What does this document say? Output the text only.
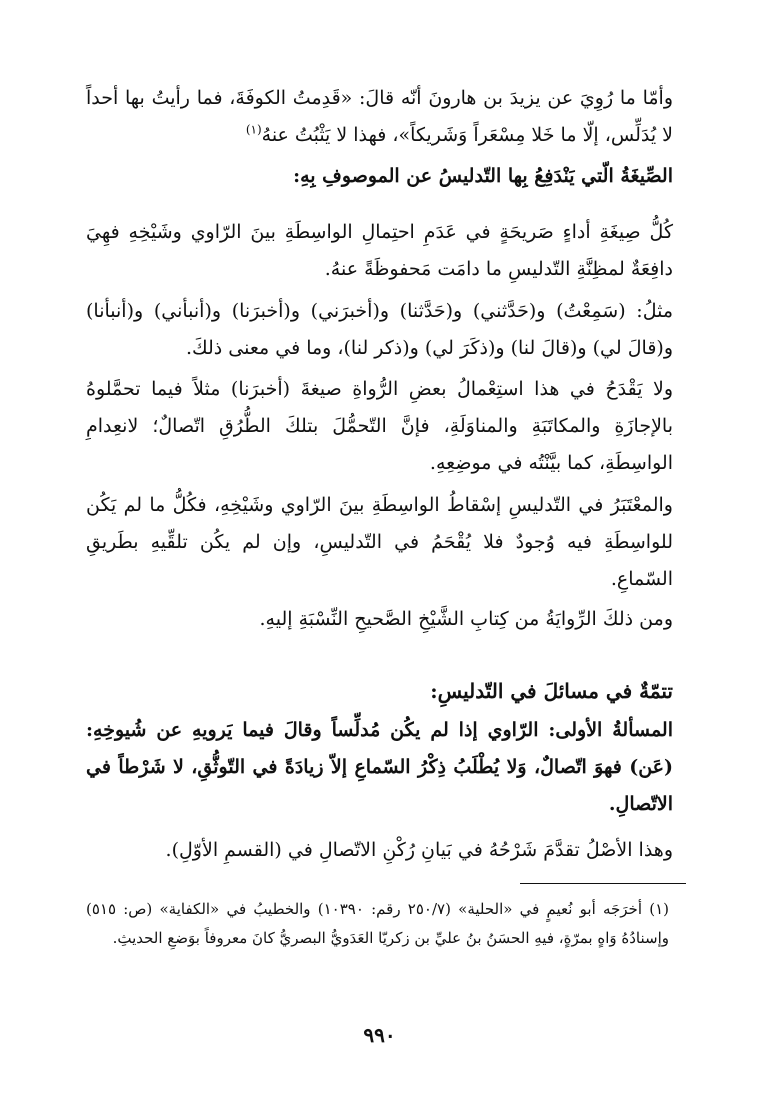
وأمّا ما رُوِيَ عن يزيدَ بن هارونَ أنّه قالَ: «قَدِمتُ الكوفَةَ، فما رأيتُ بها أحداً لا يُدَلِّس، إلّا ما خَلا مِسْعَراً وَشَريكاً»، فهذا لا يَثْبُتُ عنهُ$^{(١)}$

الصِّيغَةُ الّتي يَنْدَفِعُ بِها التّدليسُ عن الموصوفِ بِهِ:

كُلُّ صِيغَةِ أداءٍ صَريحَةٍ في عَدَمِ احتِمالِ الواسِطَةِ بينَ الرّاوي وشَيْخِهِ فهِيَ دافِعَةٌ لمظِنَّةِ التّدليسِ ما دامَت مَحفوظَةً عنهُ.

مثلُ: (سَمِعْتُ) و(حَدَّثني) و(حَدَّثنا) و(أخبرَني) و(أخبرَنا) و(أنبأني) و(أنبأنا) و(قالَ لي) و(قالَ لنا) و(ذكَرَ لي) و(ذكر لنا)، وما في معنى ذلكَ.

ولا يَقْدَحُ في هذا استِعْمالُ بعضِ الرُّواةِ صيغةَ (أخبرَنا) مثلاً فيما تحمَّلوهُ بالإجازَةِ والمكاتَبَةِ والمناوَلَةِ، فإنَّ التّحمُّلَ بتلكَ الطُّرُقِ اتّصالٌ؛ لانعِدامِ الواسِطَةِ، كما بيَّنْتُه في موضِعِهِ.

والمعْتَبَرُ في التّدليسِ إسْقاطُ الواسِطَةِ بينَ الرّاوي وشَيْخِهِ، فكُلُّ ما لم يَكُن للواسِطَةِ فيه وُجودٌ فلا يُقْحَمُ في التّدليسِ، وإن لم يكُن تلقِّيهِ بطَريقِ السّماعِ.

ومن ذلكَ الرِّوايَةُ من كِتابِ الشَّيْخِ الصَّحيحِ النِّسْبَةِ إليهِ.

تتمّةٌ في مسائلَ في التّدليسِ:

المسألةُ الأولى: الرّاوي إذا لم يكُن مُدلِّساً وقالَ فيما يَرويهِ عن شُيوخِهِ: (عَن) فهوَ اتّصالٌ، وَلا يُطْلَبُ ذِكْرُ السّماعِ إلاّ زيادَةً في التّوثُّقِ، لا شَرْطاً في الاتّصالِ.

وهذا الأصْلُ تقدَّمَ شَرْحُهُ في بَيانِ رُكْنِ الاتّصالِ في (القسمِ الأوّلِ).

(١) أخرَجَه أبو نُعيمٍ في «الحلية» (٢٥٠/٧ رقم: ١٠٣٩٠) والخطيبُ في «الكفاية» (ص: ٥١٥) وإسنادُهُ وَاهٍ بمرّةٍ، فيهِ الحسَنُ بنُ عليِّ بن زكريّا العَدَويُّ البصريُّ كانَ معروفاً بوَضعِ الحديثِ.

٩٩٠
